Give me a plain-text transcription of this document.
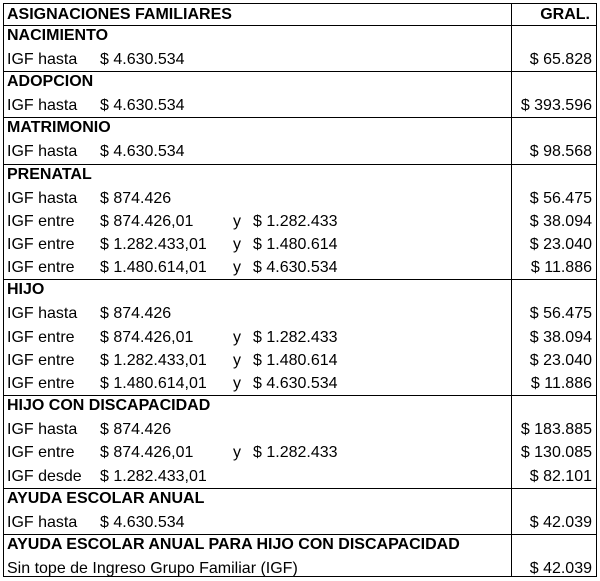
ASIGNACIONES FAMILIARES	GRAL.
NACIMIENTO
IGF hasta $ 4.630.534	$ 65.828
ADOPCION
IGF hasta $ 4.630.534	$ 393.596
MATRIMONIO
IGF hasta $ 4.630.534	$ 98.568
PRENATAL
IGF hasta $ 874.426	$ 56.475
IGF entre $ 874.426,01 y $ 1.282.433	$ 38.094
IGF entre $ 1.282.433,01 y $ 1.480.614	$ 23.040
IGF entre $ 1.480.614,01 y $ 4.630.534	$ 11.886
HIJO
IGF hasta $ 874.426	$ 56.475
IGF entre $ 874.426,01 y $ 1.282.433	$ 38.094
IGF entre $ 1.282.433,01 y $ 1.480.614	$ 23.040
IGF entre $ 1.480.614,01 y $ 4.630.534	$ 11.886
HIJO CON DISCAPACIDAD
IGF hasta $ 874.426	$ 183.885
IGF entre $ 874.426,01 y $ 1.282.433	$ 130.085
IGF desde $ 1.282.433,01	$ 82.101
AYUDA ESCOLAR ANUAL
IGF hasta $ 4.630.534	$ 42.039
AYUDA ESCOLAR ANUAL PARA HIJO CON DISCAPACIDAD
Sin tope de Ingreso Grupo Familiar (IGF)	$ 42.039
